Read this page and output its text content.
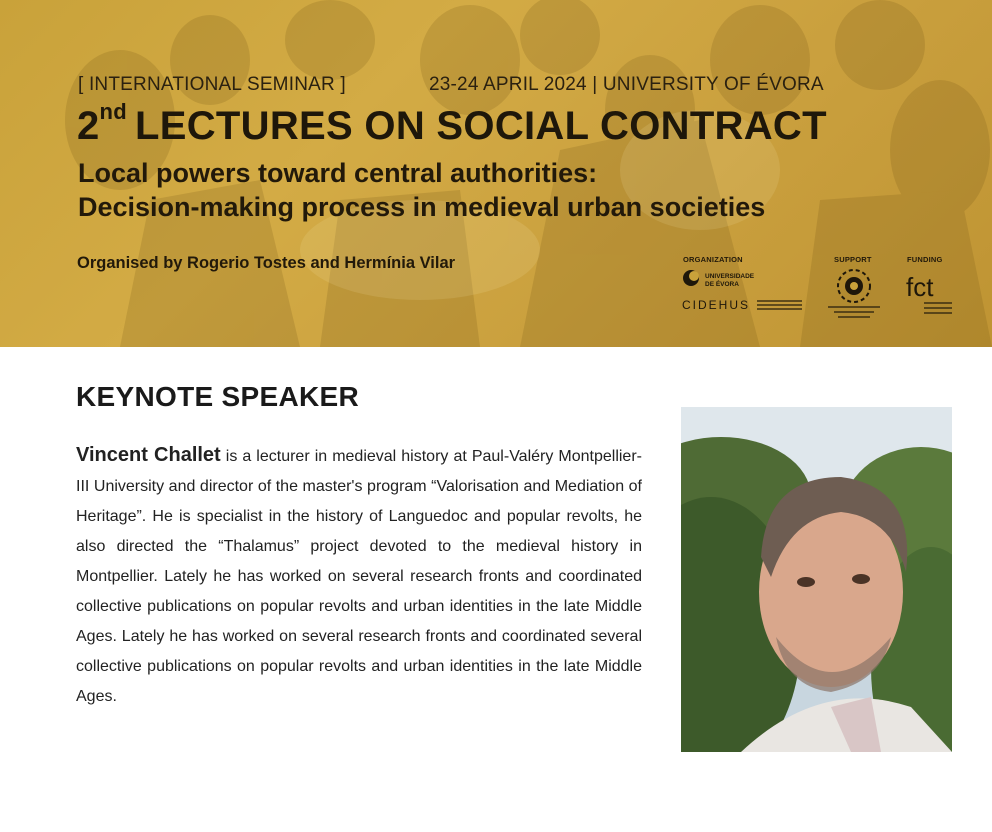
[ INTERNATIONAL SEMINAR ]	23-24 APRIL 2024 | UNIVERSITY OF ÉVORA
2nd LECTURES ON SOCIAL CONTRACT
Local powers toward central authorities:
Decision-making process in medieval urban societies
Organised by Rogerio Tostes and Hermínia Vilar	ORGANIZATION
UNIVERSIDADE
DE ÉVORA
CIDEHUS
SUPPORT	FUNDING
fct
KEYNOTE SPEAKER
Vincent Challet is a lecturer in medieval history at Paul-Valéry Montpellier-III University and director of the master's program “Valorisation and Mediation of Heritage”. He is specialist in the history of Languedoc and popular revolts, he also directed the “Thalamus” project devoted to the medieval history in Montpellier. Lately he has worked on several research fronts and coordinated collective publications on popular revolts and urban identities in the late Middle Ages. Lately he has worked on several research fronts and coordinated several collective publications on popular revolts and urban identities in the late Middle Ages.
